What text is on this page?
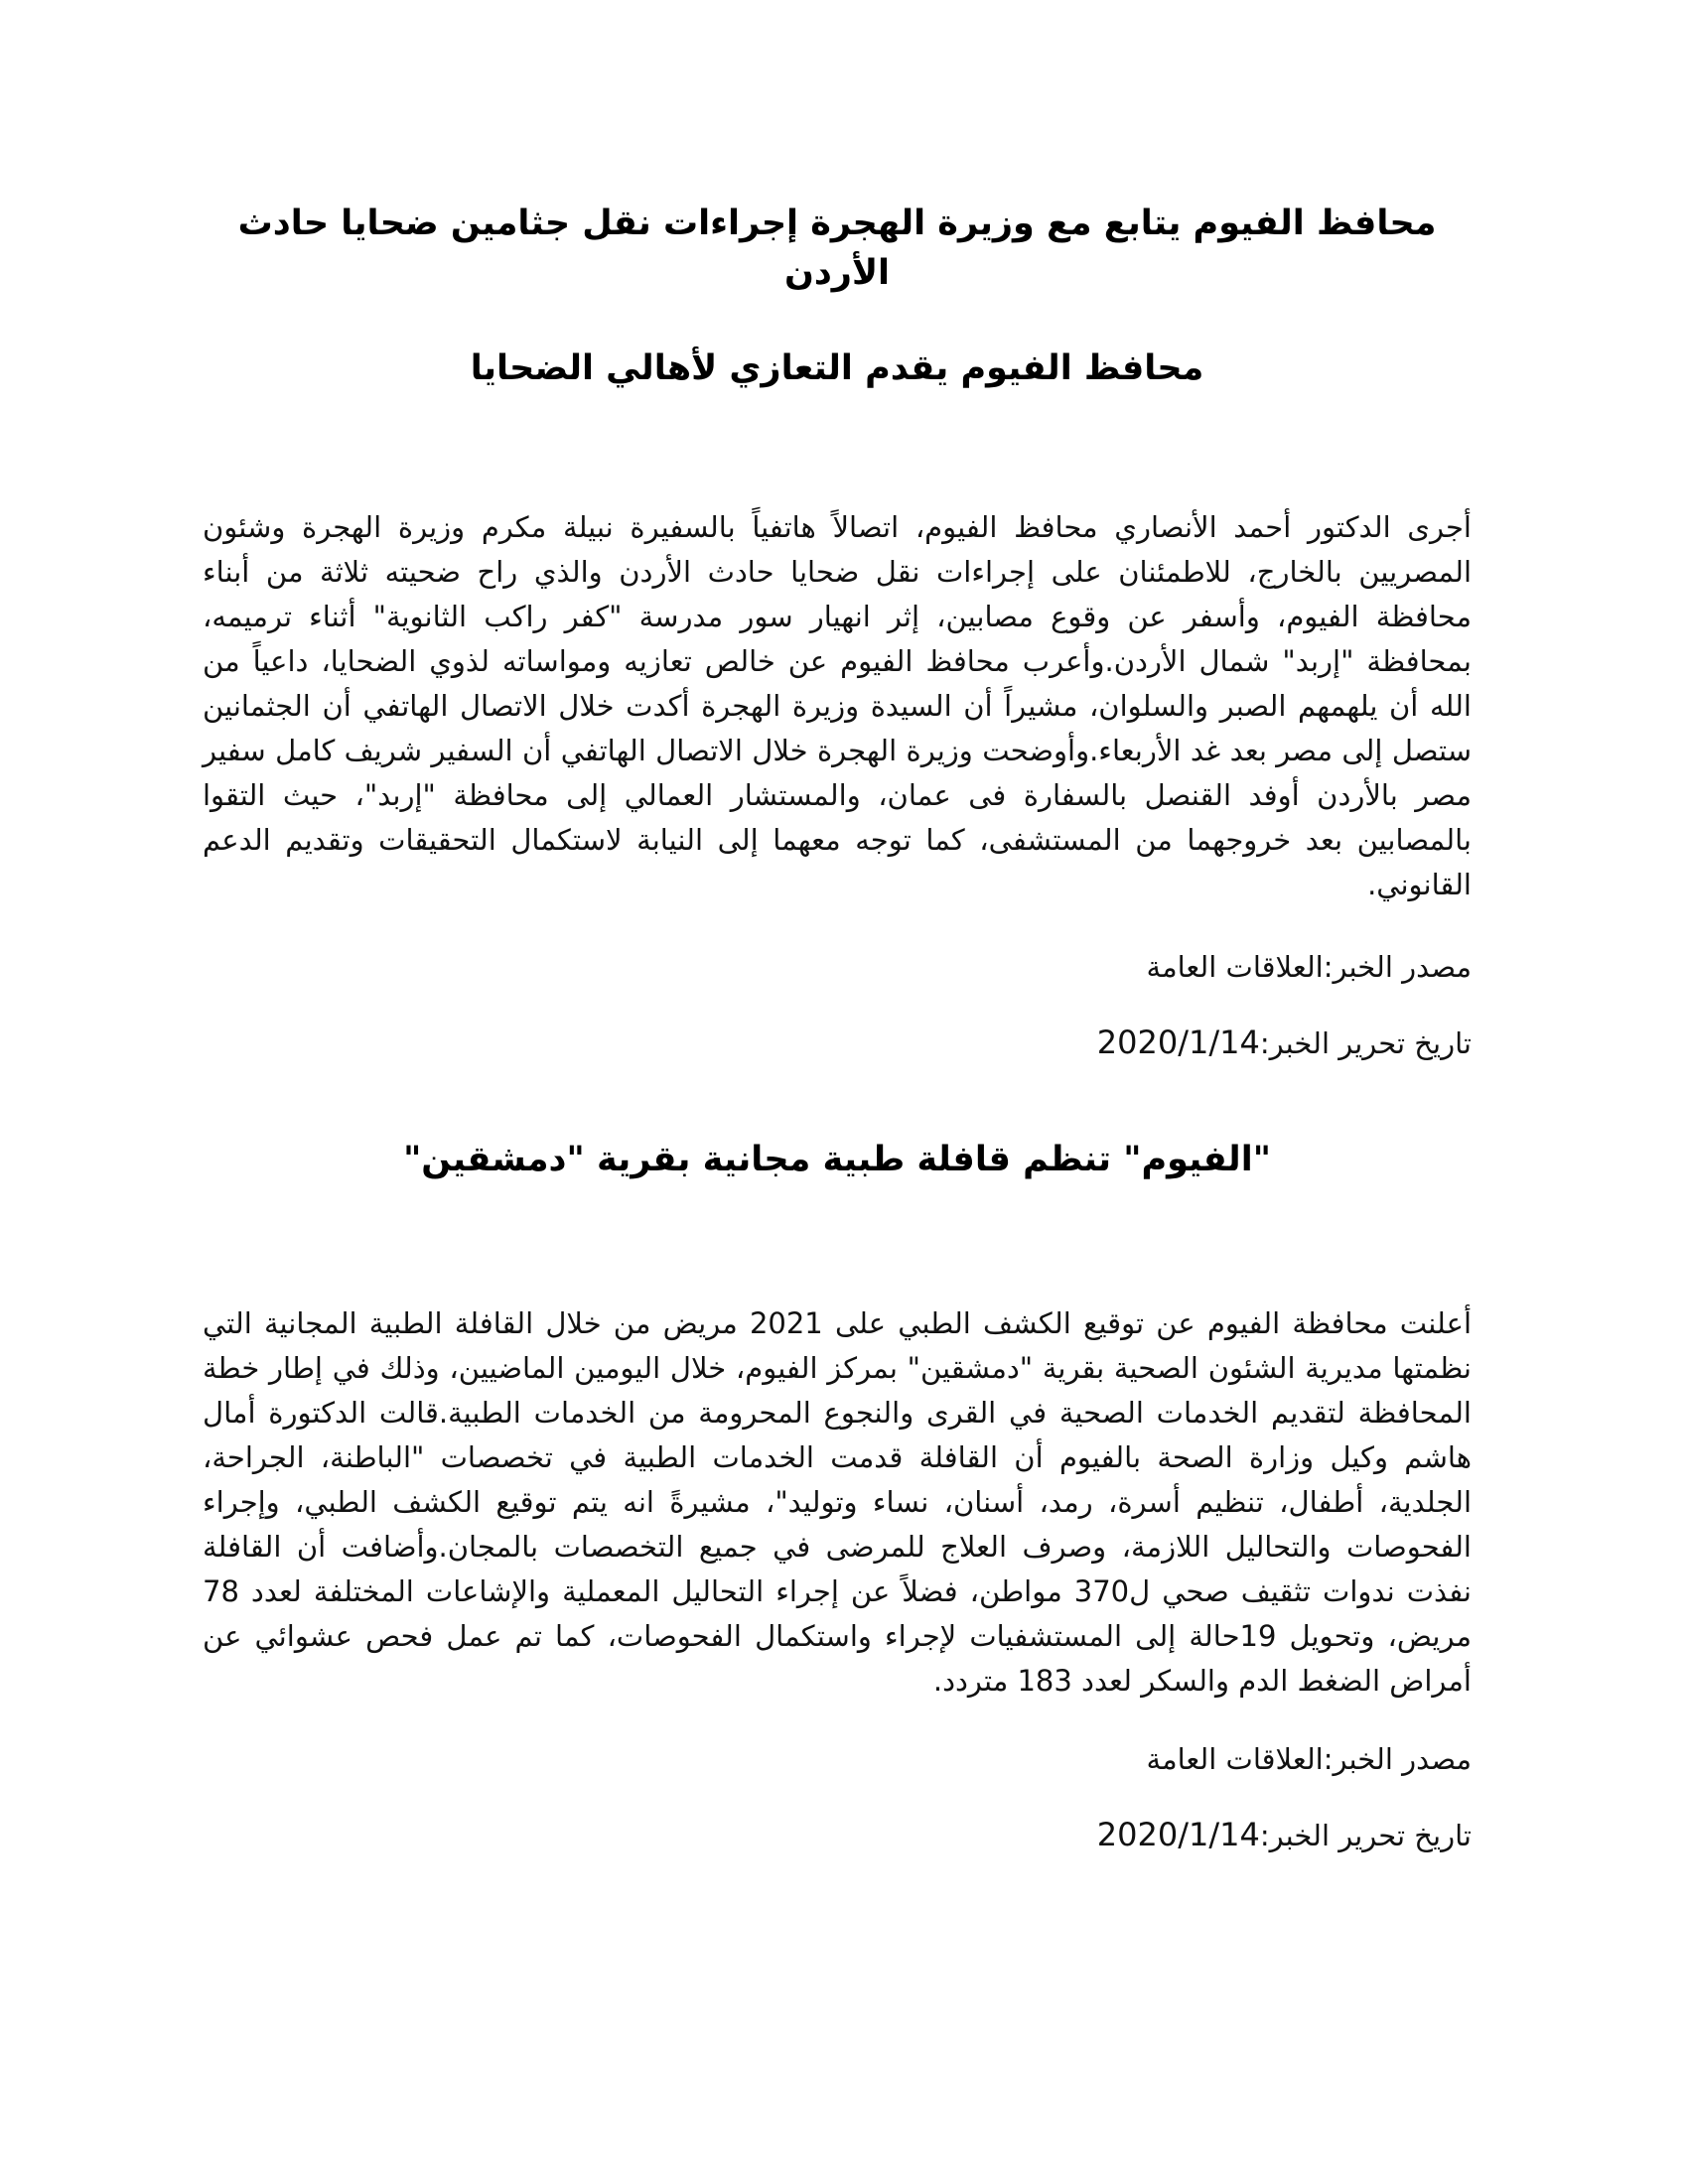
محافظ الفيوم يتابع مع وزيرة الهجرة إجراءات نقل جثامين ضحايا حادث الأردن
محافظ الفيوم يقدم التعازي لأهالي الضحايا

أجرى الدكتور أحمد الأنصاري محافظ الفيوم، اتصالاً هاتفياً بالسفيرة نبيلة مكرم وزيرة الهجرة وشئون المصريين بالخارج، للاطمئنان على إجراءات نقل ضحايا حادث الأردن والذي راح ضحيته ثلاثة من أبناء محافظة الفيوم، وأسفر عن وقوع مصابين، إثر انهيار سور مدرسة "كفر راكب الثانوية" أثناء ترميمه، بمحافظة "إربد" شمال الأردن.وأعرب محافظ الفيوم عن خالص تعازيه ومواساته لذوي الضحايا، داعياً من الله أن يلهمهم الصبر والسلوان، مشيراً أن السيدة وزيرة الهجرة أكدت خلال الاتصال الهاتفي أن الجثمانين ستصل إلى مصر بعد غد الأربعاء.وأوضحت وزيرة الهجرة خلال الاتصال الهاتفي أن السفير شريف كامل سفير مصر بالأردن أوفد القنصل بالسفارة فى عمان، والمستشار العمالي إلى محافظة "إربد"، حيث التقوا بالمصابين بعد خروجهما من المستشفى، كما توجه معهما إلى النيابة لاستكمال التحقيقات وتقديم الدعم القانوني.

مصدر الخبر:العلاقات العامة

تاريخ تحرير الخبر:2020/1/14

"الفيوم" تنظم قافلة طبية مجانية بقرية "دمشقين"

أعلنت محافظة الفيوم عن توقيع الكشف الطبي على 2021 مريض من خلال القافلة الطبية المجانية التي نظمتها مديرية الشئون الصحية بقرية "دمشقين" بمركز الفيوم، خلال اليومين الماضيين، وذلك في إطار خطة المحافظة لتقديم الخدمات الصحية في القرى والنجوع المحرومة من الخدمات الطبية.قالت الدكتورة أمال هاشم وكيل وزارة الصحة بالفيوم أن القافلة قدمت الخدمات الطبية في تخصصات "الباطنة، الجراحة، الجلدية، أطفال، تنظيم أسرة، رمد، أسنان، نساء وتوليد"، مشيرةً انه يتم توقيع الكشف الطبي، وإجراء الفحوصات والتحاليل اللازمة، وصرف العلاج للمرضى في جميع التخصصات بالمجان.وأضافت أن القافلة نفذت ندوات تثقيف صحي ل370 مواطن، فضلاً عن إجراء التحاليل المعملية والإشاعات المختلفة لعدد 78 مريض، وتحويل 19حالة إلى المستشفيات لإجراء واستكمال الفحوصات، كما تم عمل فحص عشوائي عن أمراض الضغط الدم والسكر لعدد 183 متردد.

مصدر الخبر:العلاقات العامة

تاريخ تحرير الخبر:2020/1/14
